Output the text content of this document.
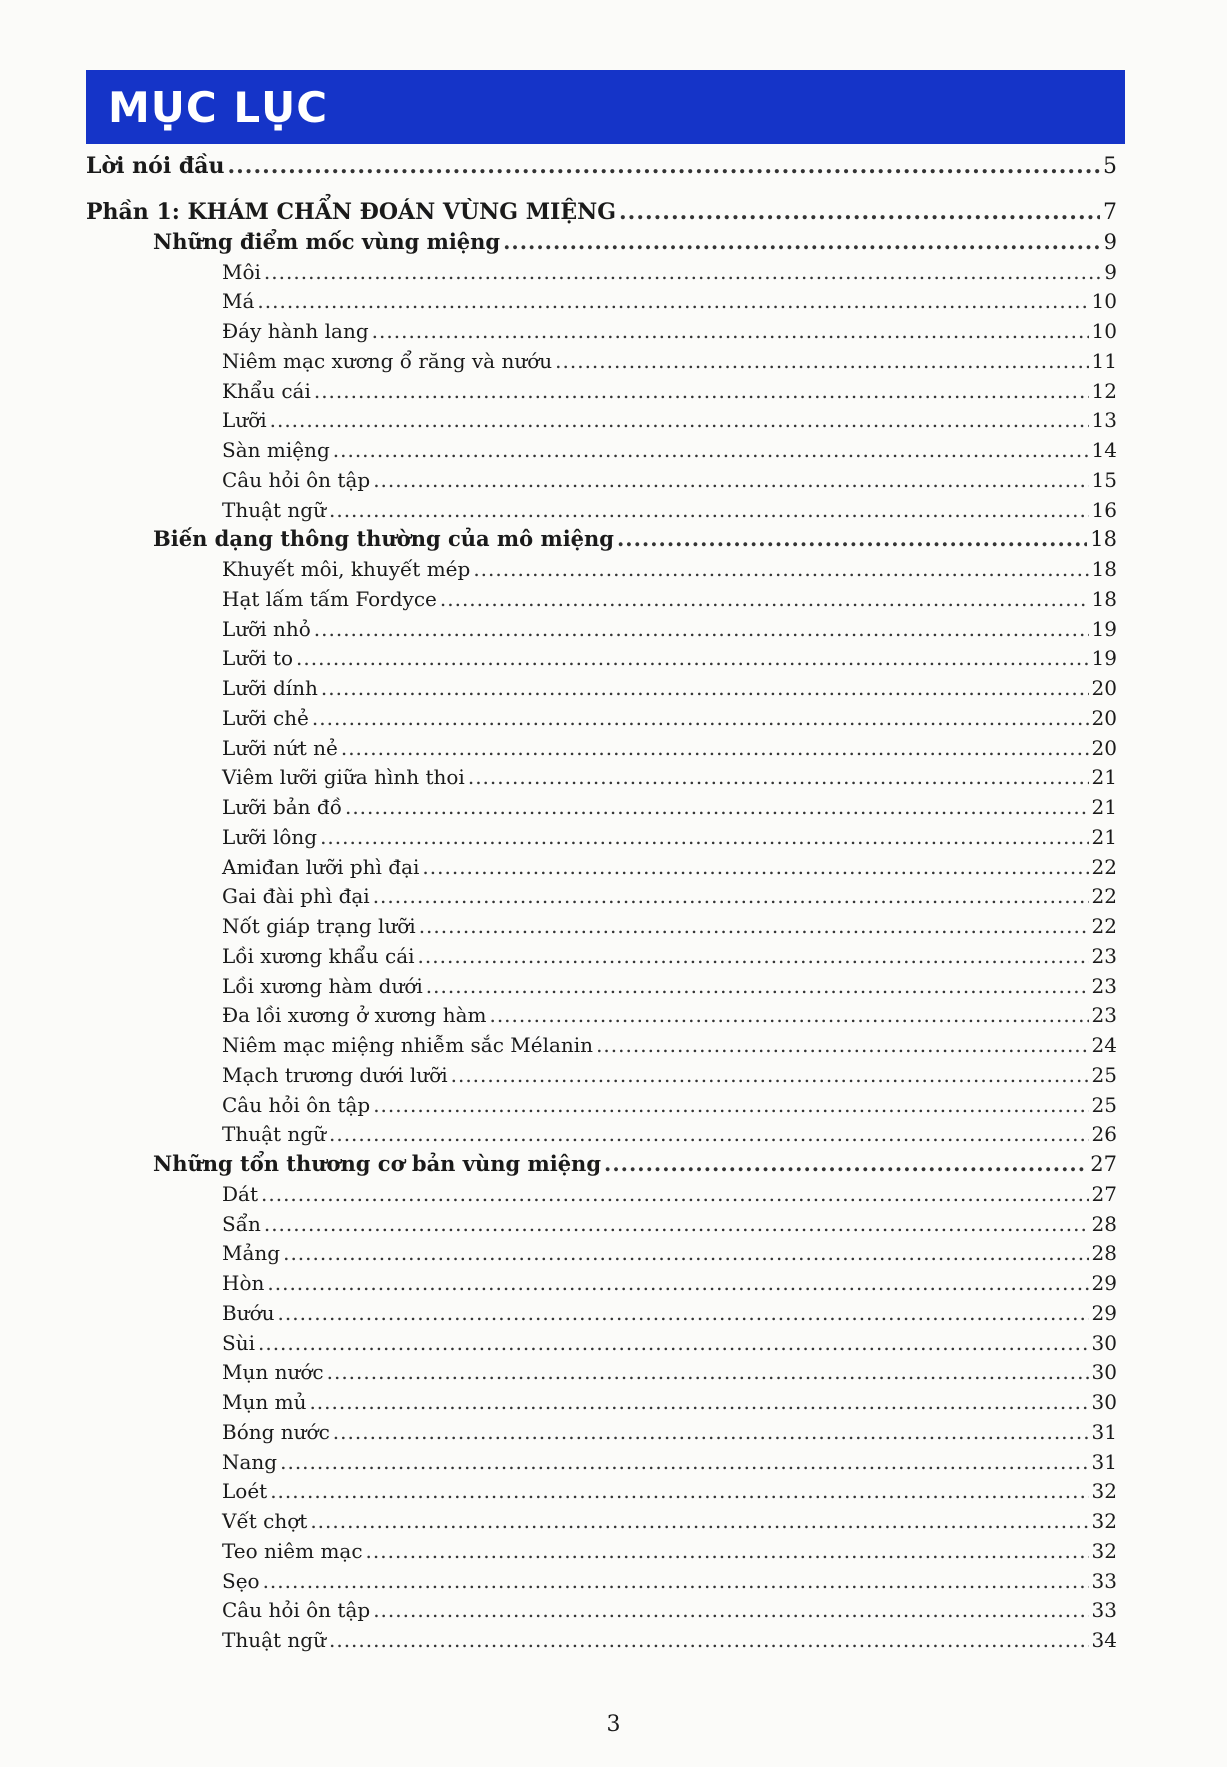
MỤC LỤC
Lời nói đầu .....	5
Phần 1: KHÁM CHẨN ĐOÁN VÙNG MIỆNG .....	7
Những điểm mốc vùng miệng .....	9
Môi .....	9
Má .....	10
Đáy hành lang .....	10
Niêm mạc xương ổ răng và nướu .....	11
Khẩu cái .....	12
Lưỡi .....	13
Sàn miệng .....	14
Câu hỏi ôn tập .....	15
Thuật ngữ .....	16
Biến dạng thông thường của mô miệng .....	18
Khuyết môi, khuyết mép .....	18
Hạt lấm tấm Fordyce .....	18
Lưỡi nhỏ .....	19
Lưỡi to .....	19
Lưỡi dính .....	20
Lưỡi chẻ .....	20
Lưỡi nứt nẻ .....	20
Viêm lưỡi giữa hình thoi .....	21
Lưỡi bản đồ .....	21
Lưỡi lông .....	21
Amiđan lưỡi phì đại .....	22
Gai đài phì đại .....	22
Nốt giáp trạng lưỡi .....	22
Lồi xương khẩu cái .....	23
Lồi xương hàm dưới .....	23
Đa lồi xương ở xương hàm .....	23
Niêm mạc miệng nhiễm sắc Mélanin .....	24
Mạch trương dưới lưỡi .....	25
Câu hỏi ôn tập .....	25
Thuật ngữ .....	26
Những tổn thương cơ bản vùng miệng .....	27
Dát .....	27
Sẩn .....	28
Mảng .....	28
Hòn .....	29
Bướu .....	29
Sùi .....	30
Mụn nước .....	30
Mụn mủ .....	30
Bóng nước .....	31
Nang .....	31
Loét .....	32
Vết chợt .....	32
Teo niêm mạc .....	32
Sẹo .....	33
Câu hỏi ôn tập .....	33
Thuật ngữ .....	34
3
